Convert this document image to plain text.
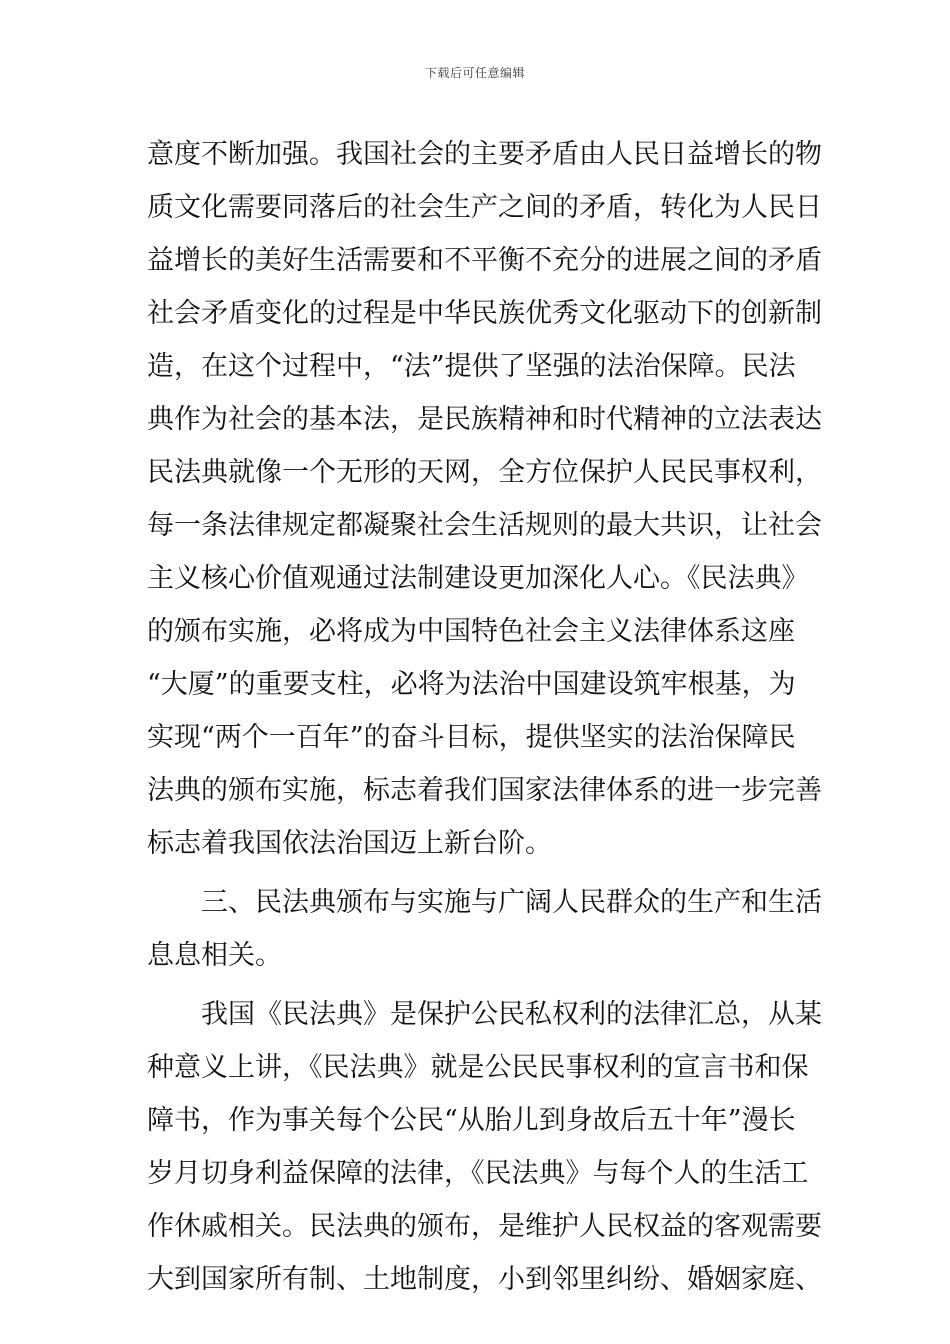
下载后可任意编辑
意度不断加强。我国社会的主要矛盾由人民日益增长的物
质文化需要同落后的社会生产之间的矛盾，转化为人民日
益增长的美好生活需要和不平衡不充分的进展之间的矛盾
社会矛盾变化的过程是中华民族优秀文化驱动下的创新制
造，在这个过程中，“法”提供了坚强的法治保障。民法
典作为社会的基本法，是民族精神和时代精神的立法表达
民法典就像一个无形的天网，全方位保护人民民事权利，
每一条法律规定都凝聚社会生活规则的最大共识，让社会
主义核心价值观通过法制建设更加深化人心。《民法典》
的颁布实施，必将成为中国特色社会主义法律体系这座
“大厦”的重要支柱，必将为法治中国建设筑牢根基，为
实现“两个一百年”的奋斗目标，提供坚实的法治保障民
法典的颁布实施，标志着我们国家法律体系的进一步完善
标志着我国依法治国迈上新台阶。
三、民法典颁布与实施与广阔人民群众的生产和生活
息息相关。
我国《民法典》是保护公民私权利的法律汇总，从某
种意义上讲，《民法典》就是公民民事权利的宣言书和保
障书，作为事关每个公民“从胎儿到身故后五十年”漫长
岁月切身利益保障的法律，《民法典》与每个人的生活工
作休戚相关。民法典的颁布，是维护人民权益的客观需要
大到国家所有制、土地制度，小到邻里纠纷、婚姻家庭、
